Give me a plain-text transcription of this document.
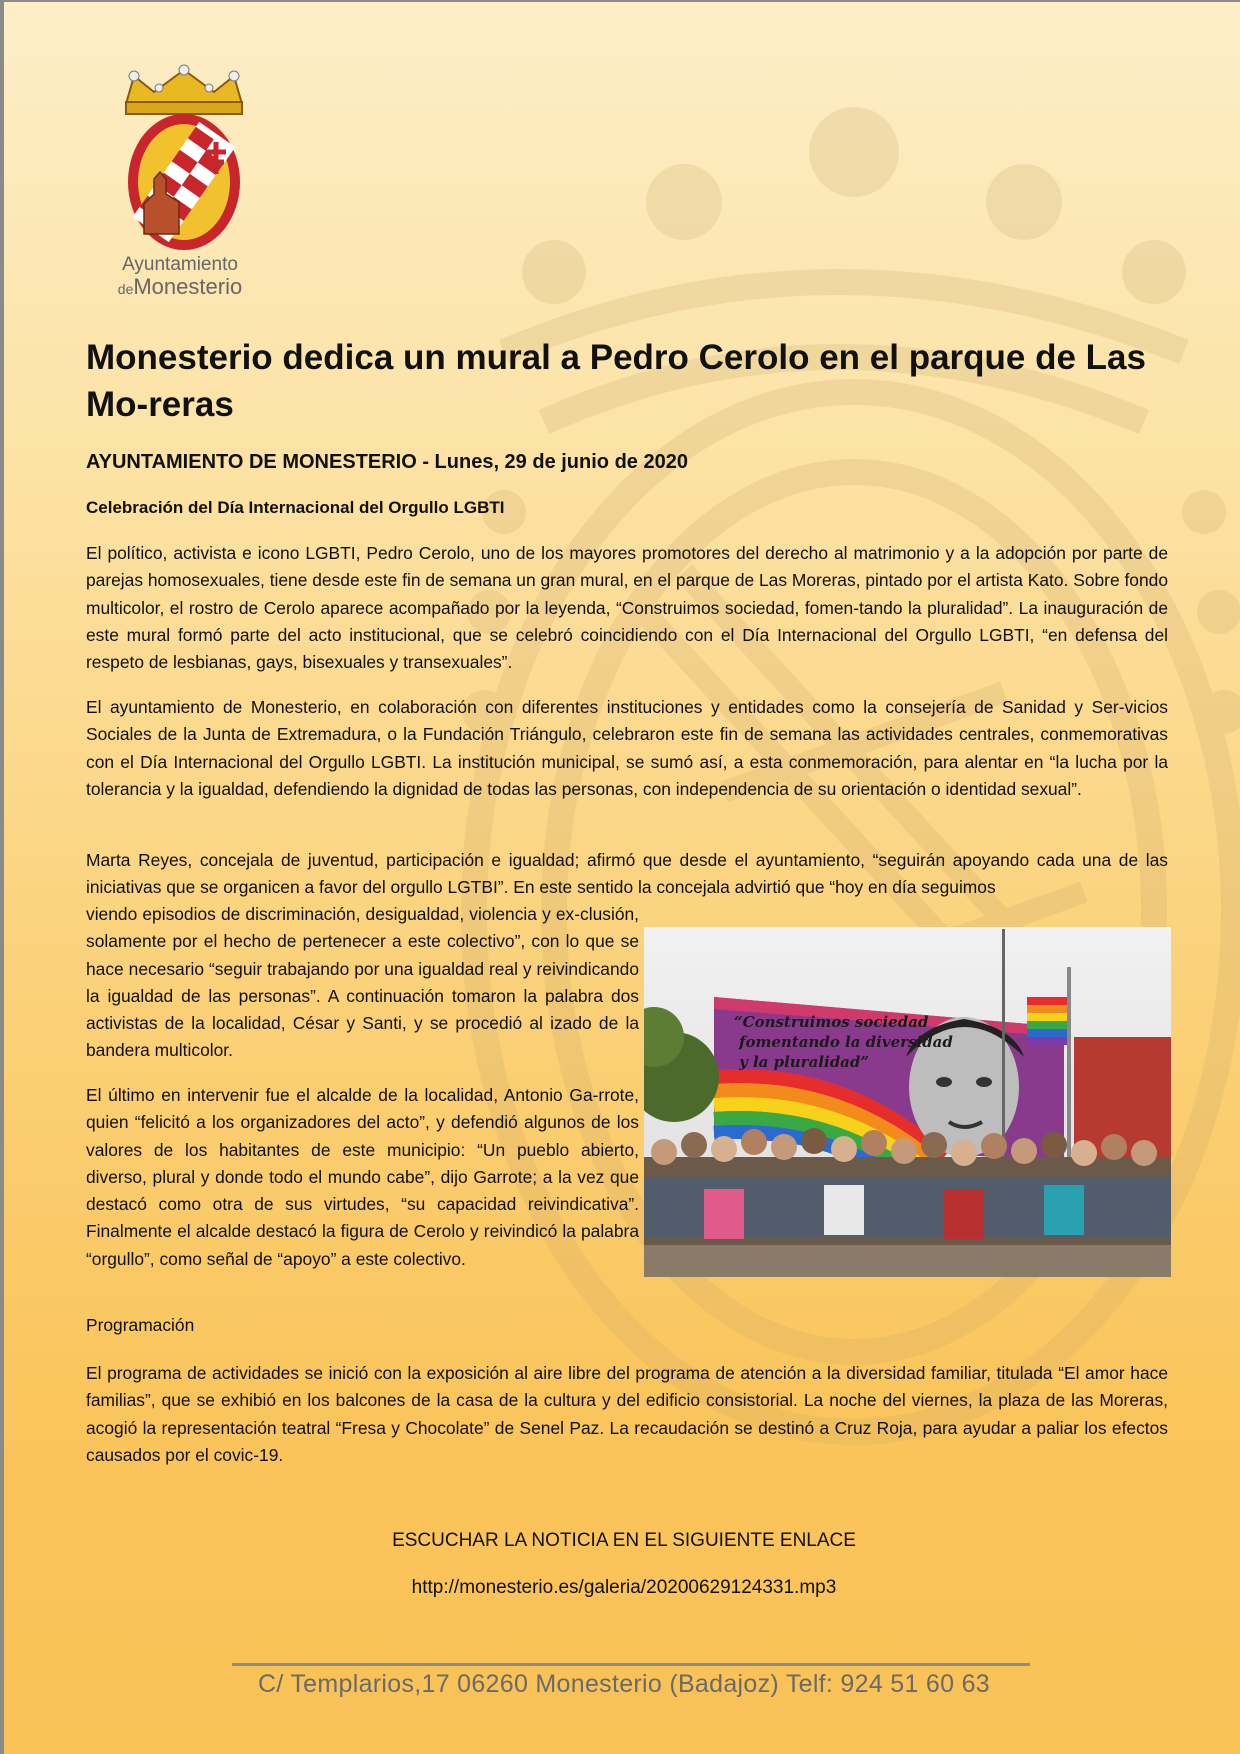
Ayuntamiento
deMonesterio
Monesterio dedica un mural a Pedro Cerolo en el parque de Las Mo-reras
AYUNTAMIENTO DE MONESTERIO - Lunes, 29 de junio de 2020
Celebración del Día Internacional del Orgullo LGBTI

El político, activista e icono LGBTI, Pedro Cerolo, uno de los mayores promotores del derecho al matrimonio y a la adopción por parte de parejas homosexuales, tiene desde este fin de semana un gran mural, en el parque de Las Moreras, pintado por el artista Kato. Sobre fondo multicolor, el rostro de Cerolo aparece acompañado por la leyenda, “Construimos sociedad, fomen-tando la pluralidad”. La inauguración de este mural formó parte del acto institucional, que se celebró coincidiendo con el Día Internacional del Orgullo LGBTI, “en defensa del respeto de lesbianas, gays, bisexuales y transexuales”.

El ayuntamiento de Monesterio, en colaboración con diferentes instituciones y entidades como la consejería de Sanidad y Ser-vicios Sociales de la Junta de Extremadura, o la Fundación Triángulo, celebraron este fin de semana las actividades centrales, conmemorativas con el Día Internacional del Orgullo LGBTI. La institución municipal, se sumó así, a esta conmemoración, para alentar en “la lucha por la tolerancia y la igualdad, defendiendo la dignidad de todas las personas, con independencia de su orientación o identidad sexual”.

Marta Reyes, concejala de juventud, participación e igualdad; afirmó que desde el ayuntamiento, “seguirán apoyando cada una de las iniciativas que se organicen a favor del orgullo LGTBI”. En este sentido la concejala advirtió que “hoy en día seguimos

viendo episodios de discriminación, desigualdad, violencia y ex-clusión, solamente por el hecho de pertenecer a este colectivo”, con lo que se hace necesario “seguir trabajando por una igualdad real y reivindicando la igualdad de las personas”. A continuación tomaron la palabra dos activistas de la localidad, César y Santi, y se procedió al izado de la bandera multicolor.

El último en intervenir fue el alcalde de la localidad, Antonio Ga-rrote, quien “felicitó a los organizadores del acto”, y defendió algunos de los valores de los habitantes de este municipio: “Un pueblo abierto, diverso, plural y donde todo el mundo cabe”, dijo Garrote; a la vez que destacó como otra de sus virtudes, “su capacidad reivindicativa”. Finalmente el alcalde destacó la figura de Cerolo y reivindicó la palabra “orgullo”, como señal de “apoyo” a este colectivo.

“Construimos sociedad
fomentando la diversidad
y la pluralidad”
Programación

El programa de actividades se inició con la exposición al aire libre del programa de atención a la diversidad familiar, titulada “El amor hace familias”, que se exhibió en los balcones de la casa de la cultura y del edificio consistorial. La noche del viernes, la plaza de las Moreras, acogió la representación teatral “Fresa y Chocolate” de Senel Paz. La recaudación se destinó a Cruz Roja, para ayudar a paliar los efectos causados por el covic-19.

ESCUCHAR LA NOTICIA EN EL SIGUIENTE ENLACE
http://monesterio.es/galeria/20200629124331.mp3
C/ Templarios,17 06260 Monesterio (Badajoz) Telf: 924 51 60 63
